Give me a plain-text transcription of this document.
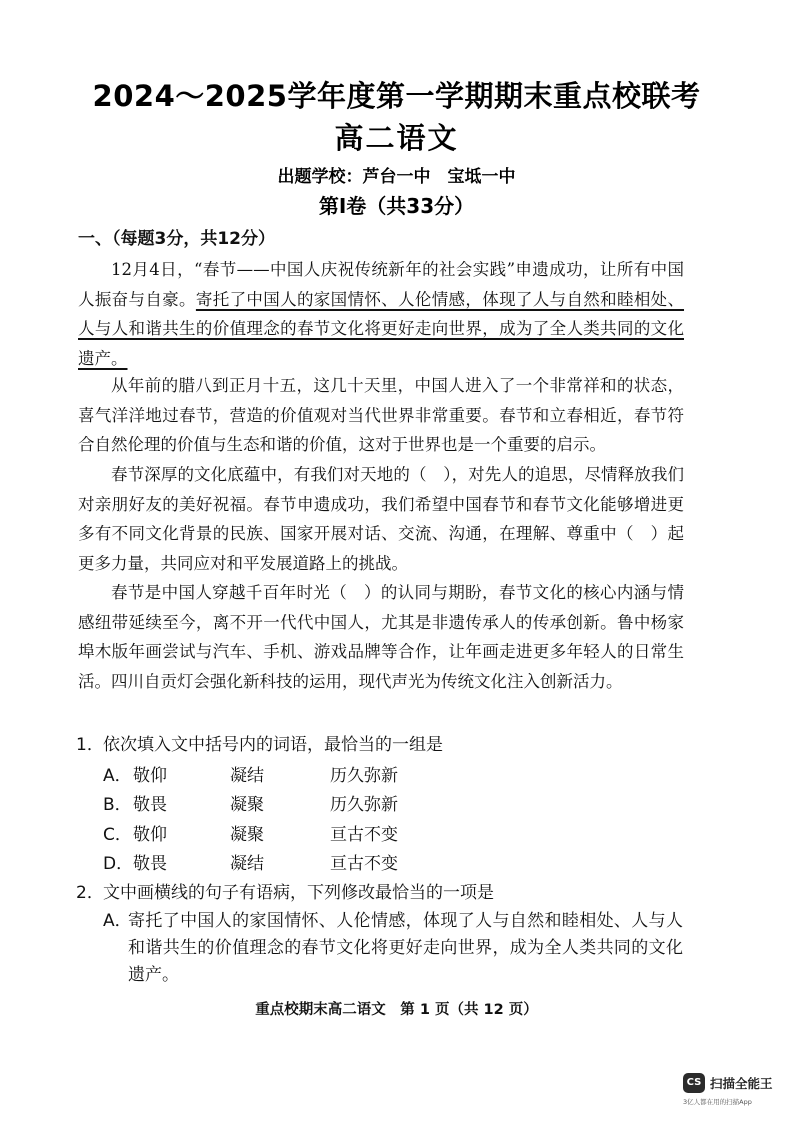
2024～2025学年度第一学期期末重点校联考
高二语文
出题学校：芦台一中　宝坻一中
第Ⅰ卷（共33分）
一、（每题3分，共12分）

12月4日，“春节——中国人庆祝传统新年的社会实践”申遗成功，让所有中国人振奋与自豪。寄托了中国人的家国情怀、人伦情感，体现了人与自然和睦相处、人与人和谐共生的价值理念的春节文化将更好走向世界，成为了全人类共同的文化遗产。

从年前的腊八到正月十五，这几十天里，中国人进入了一个非常祥和的状态，喜气洋洋地过春节，营造的价值观对当代世界非常重要。春节和立春相近，春节符合自然伦理的价值与生态和谐的价值，这对于世界也是一个重要的启示。

春节深厚的文化底蕴中，有我们对天地的（　），对先人的追思，尽情释放我们对亲朋好友的美好祝福。春节申遗成功，我们希望中国春节和春节文化能够增进更多有不同文化背景的民族、国家开展对话、交流、沟通，在理解、尊重中（　）起更多力量，共同应对和平发展道路上的挑战。

春节是中国人穿越千百年时光（　）的认同与期盼，春节文化的核心内涵与情感纽带延续至今，离不开一代代中国人，尤其是非遗传承人的传承创新。鲁中杨家埠木版年画尝试与汽车、手机、游戏品牌等合作，让年画走进更多年轻人的日常生活。四川自贡灯会强化新科技的运用，现代声光为传统文化注入创新活力。

1． 依次填入文中括号内的词语，最恰当的一组是
A． 敬仰	凝结	历久弥新
B． 敬畏	凝聚	历久弥新
C． 敬仰	凝聚	亘古不变
D． 敬畏	凝结	亘古不变
2． 文中画横线的句子有语病，下列修改最恰当的一项是
A．
寄托了中国人的家国情怀、人伦情感，体现了人与自然和睦相处、人与人和谐共生的价值理念的春节文化将更好走向世界，成为全人类共同的文化遗产。
重点校期末高二语文　第 1 页（共 12 页）
CS 扫描全能王
3亿人都在用的扫描App
